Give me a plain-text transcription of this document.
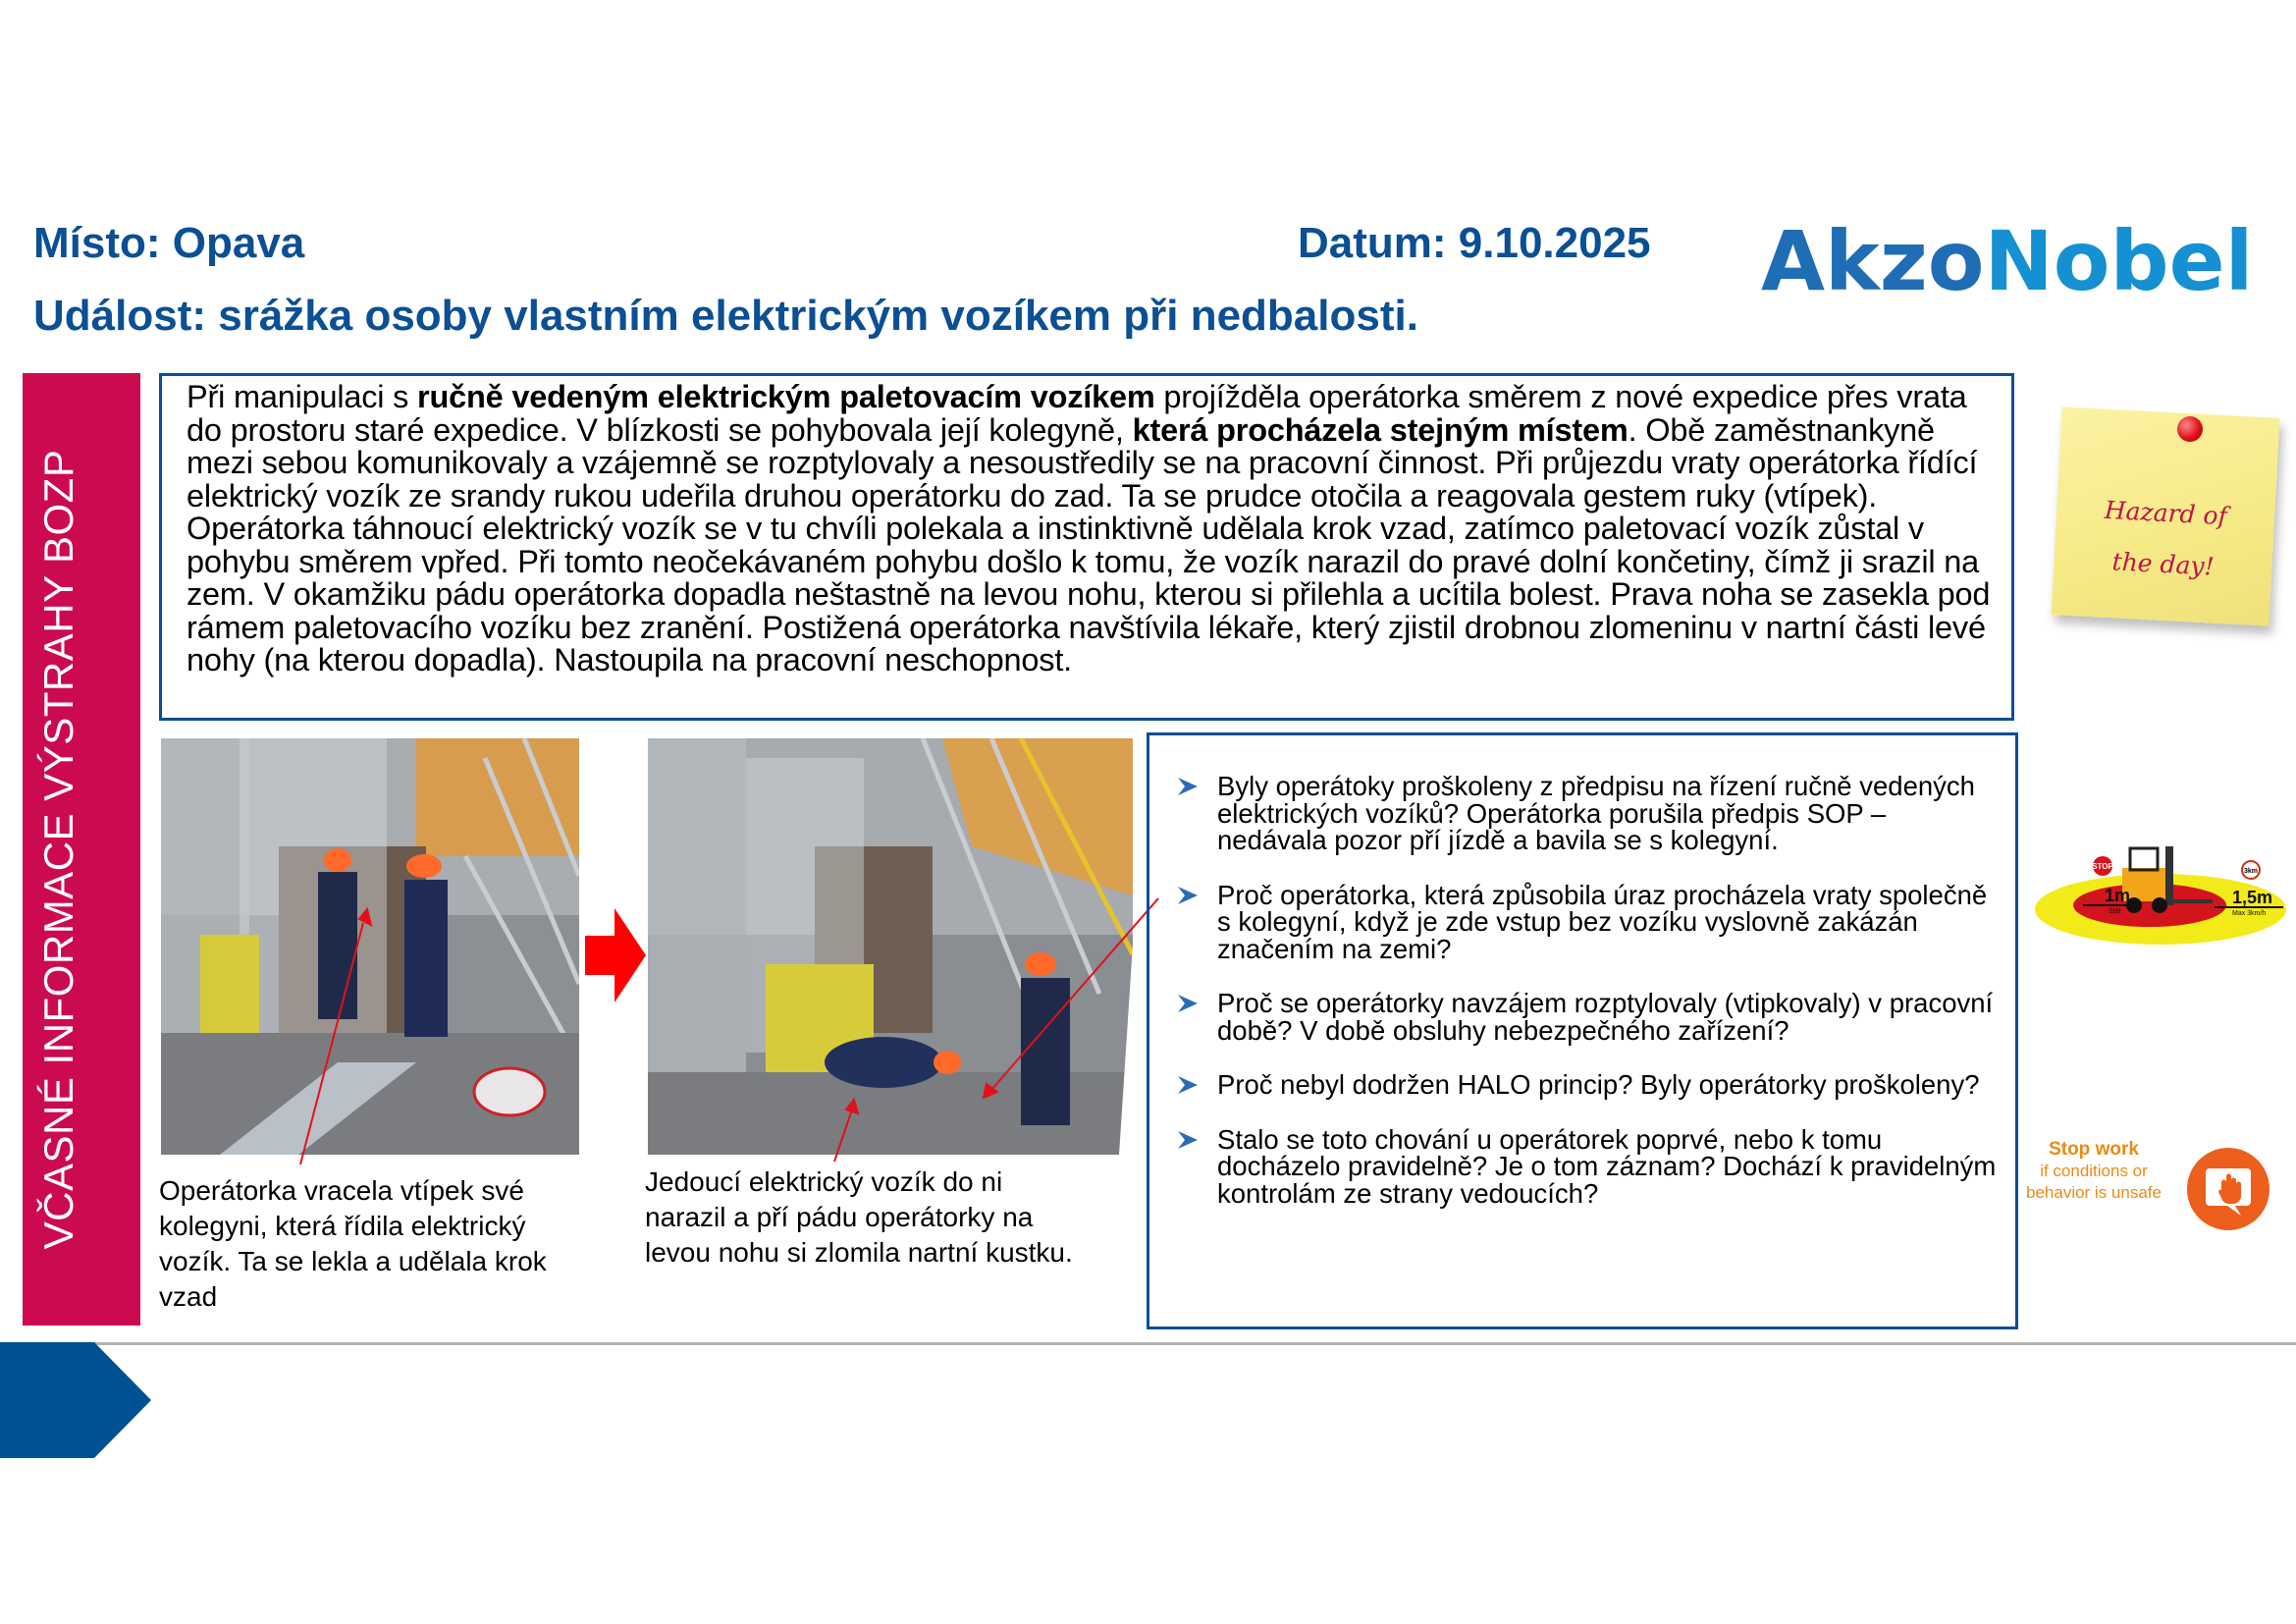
Místo: Opava	Datum: 9.10.2025
Událost: srážka osoby vlastním elektrickým vozíkem při nedbalosti.
AkzoNobel
VČASNÉ INFORMACE VÝSTRAHY BOZP
Při manipulaci s ručně vedeným elektrickým paletovacím vozíkem projížděla operátorka směrem z nové expedice přes vrata do prostoru staré expedice. V blízkosti se pohybovala její kolegyně, která procházela stejným místem. Obě zaměstnankyně mezi sebou komunikovaly a vzájemně se rozptylovaly a nesoustředily se na pracovní činnost. Při průjezdu vraty operátorka řídící elektrický vozík ze srandy rukou udeřila druhou operátorku do zad. Ta se prudce otočila a reagovala gestem ruky (vtípek). Operátorka táhnoucí elektrický vozík se v tu chvíli polekala a instinktivně udělala krok vzad, zatímco paletovací vozík zůstal v pohybu směrem vpřed. Při tomto neočekávaném pohybu došlo k tomu, že vozík narazil do pravé dolní končetiny, čímž ji srazil na zem. V okamžiku pádu operátorka dopadla neštastně na levou nohu, kterou si přilehla a ucítila bolest. Prava noha se zasekla pod rámem paletovacího vozíku bez zranění. Postižená operátorka navštívila lékaře, který zjistil drobnou zlomeninu v nartní části levé nohy (na kterou dopadla). Nastoupila na pracovní neschopnost.
Operátorka vracela vtípek své kolegyni, která řídila elektrický vozík. Ta se lekla a udělala krok vzad
Jedoucí elektrický vozík do ni narazil a pří pádu operátorky na levou nohu si zlomila nartní kustku.
Byly operátoky proškoleny z předpisu na řízení ručně vedených elektrických vozíků? Operátorka porušila předpis SOP – nedávala pozor pří jízdě a bavila se s kolegyní.
Proč operátorka, která způsobila úraz procházela vraty společně s kolegyní, když je zde vstup bez vozíku vyslovně zakázán značením na zemi?
Proč se operátorky navzájem rozptylovaly (vtipkovaly) v pracovní době? V době obsluhy nebezpečného zařízení?
Proč nebyl dodržen HALO princip? Byly operátorky proškoleny?
Stalo se toto chování u operátorek poprvé, nebo k tomu docházelo pravidelně? Je o tom záznam? Dochází k pravidelným kontrolám ze strany vedoucích?
Hazard of
the day!
STOP
3km
1m
Stát
1,5m
Max 3km/h
Stop work
if conditions or behavior is unsafe
